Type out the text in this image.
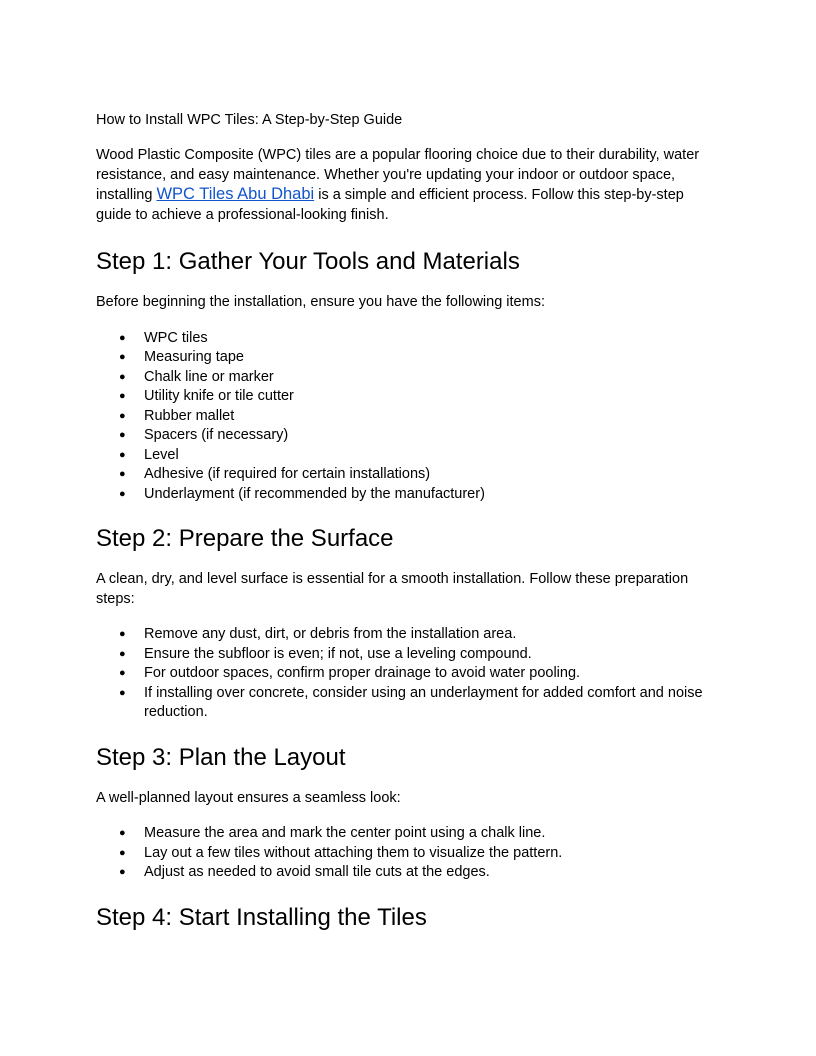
How to Install WPC Tiles: A Step-by-Step Guide

Wood Plastic Composite (WPC) tiles are a popular flooring choice due to their durability, water resistance, and easy maintenance. Whether you're updating your indoor or outdoor space, installing WPC Tiles Abu Dhabi is a simple and efficient process. Follow this step-by-step guide to achieve a professional-looking finish.

Step 1: Gather Your Tools and Materials

Before beginning the installation, ensure you have the following items:

● WPC tiles
● Measuring tape
● Chalk line or marker
● Utility knife or tile cutter
● Rubber mallet
● Spacers (if necessary)
● Level
● Adhesive (if required for certain installations)
● Underlayment (if recommended by the manufacturer)
Step 2: Prepare the Surface

A clean, dry, and level surface is essential for a smooth installation. Follow these preparation steps:

● Remove any dust, dirt, or debris from the installation area.
● Ensure the subfloor is even; if not, use a leveling compound.
● For outdoor spaces, confirm proper drainage to avoid water pooling.
● If installing over concrete, consider using an underlayment for added comfort and noise reduction.
Step 3: Plan the Layout

A well-planned layout ensures a seamless look:

● Measure the area and mark the center point using a chalk line.
● Lay out a few tiles without attaching them to visualize the pattern.
● Adjust as needed to avoid small tile cuts at the edges.
Step 4: Start Installing the Tiles
